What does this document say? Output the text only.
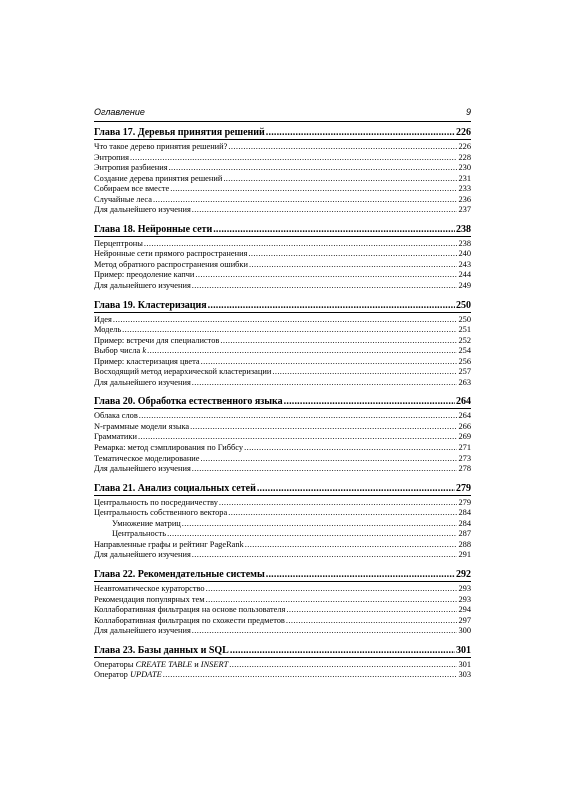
Оглавление	9
Глава 17. Деревья принятия решений .....	226
Что такое дерево принятия решений? .....	226
Энтропия .....	228
Энтропия разбиения .....	230
Создание дерева принятия решений .....	231
Собираем все вместе .....	233
Случайные леса .....	236
Для дальнейшего изучения .....	237
Глава 18. Нейронные сети .....	238
Перцептроны .....	238
Нейронные сети прямого распространения .....	240
Метод обратного распространения ошибки .....	243
Пример: преодоление капчи .....	244
Для дальнейшего изучения .....	249
Глава 19. Кластеризация .....	250
Идея .....	250
Модель .....	251
Пример: встречи для специалистов .....	252
Выбор числа k .....	254
Пример: кластеризация цвета .....	256
Восходящий метод иерархической кластеризации .....	257
Для дальнейшего изучения .....	263
Глава 20. Обработка естественного языка .....	264
Облака слов .....	264
N-граммные модели языка .....	266
Грамматики .....	269
Ремарка: метод сэмплирования по Гиббсу .....	271
Тематическое моделирование .....	273
Для дальнейшего изучения .....	278
Глава 21. Анализ социальных сетей .....	279
Центральность по посредничеству .....	279
Центральность собственного вектора .....	284
Умножение матриц .....	284
Центральность .....	287
Направленные графы и рейтинг PageRank .....	288
Для дальнейшего изучения .....	291
Глава 22. Рекомендательные системы .....	292
Неавтоматическое кураторство .....	293
Рекомендация популярных тем .....	293
Коллаборативная фильтрация на основе пользователя .....	294
Коллаборативная фильтрация по схожести предметов .....	297
Для дальнейшего изучения .....	300
Глава 23. Базы данных и SQL .....	301
Операторы CREATE TABLE и INSERT .....	301
Оператор UPDATE .....	303
